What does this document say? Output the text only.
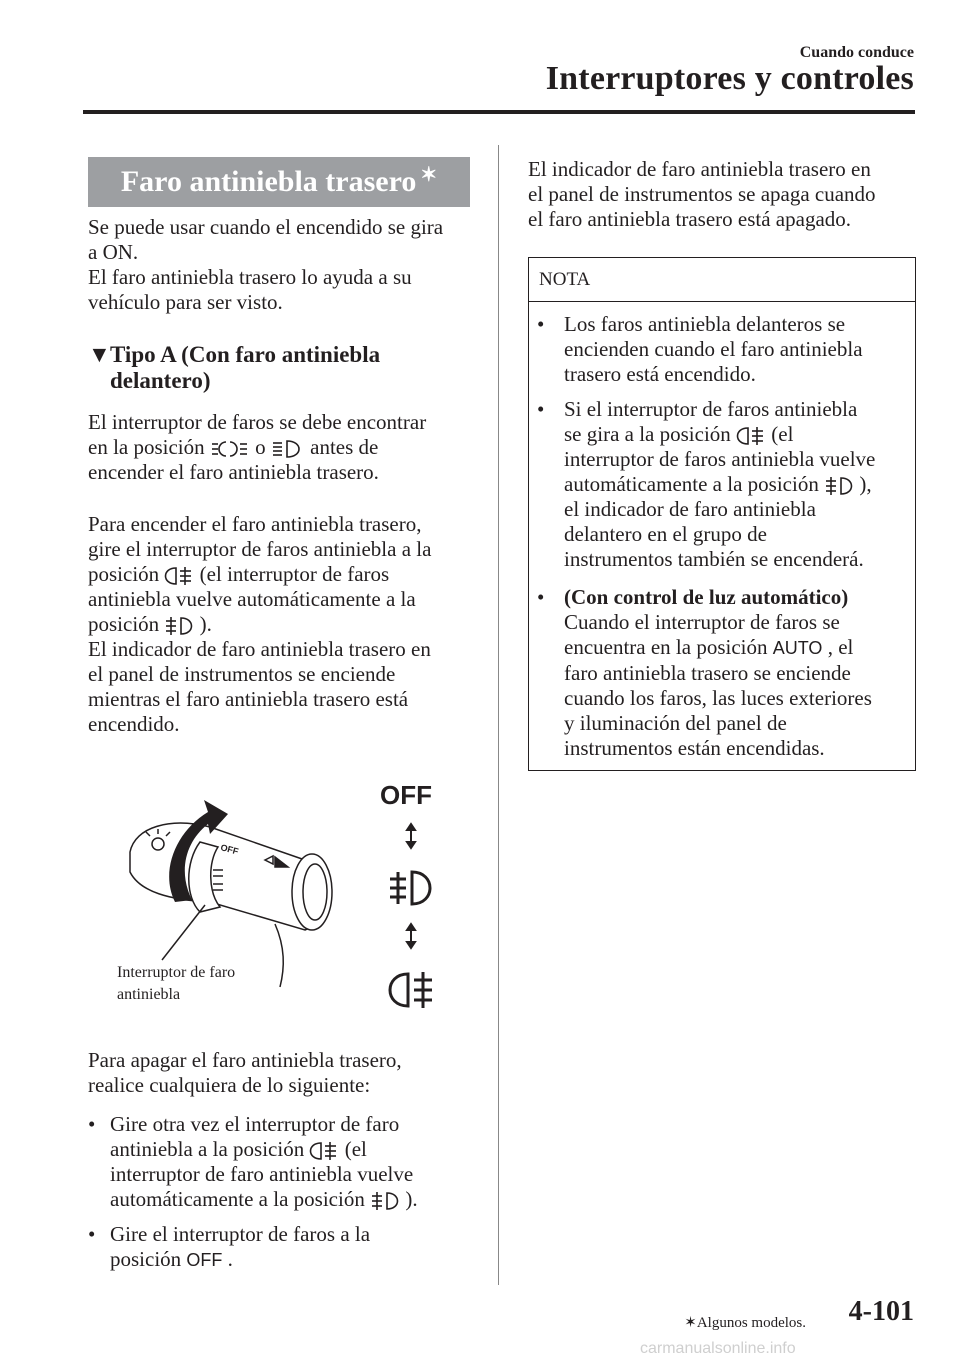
Cuando conduce
Interruptores y controles
Faro antiniebla trasero ✶
Se puede usar cuando el encendido se gira
a ON.
El faro antiniebla trasero lo ayuda a su
vehículo para ser visto.
▼Tipo A (Con faro antiniebla
delantero)
El interruptor de faros se debe encontrar
en la posición o antes de
encender el faro antiniebla trasero.
Para encender el faro antiniebla trasero,
gire el interruptor de faros antiniebla a la
posición (el interruptor de faros
antiniebla vuelve automáticamente a la
posición ).
El indicador de faro antiniebla trasero en
el panel de instrumentos se enciende
mientras el faro antiniebla trasero está
encendido.
OFF
OFF
Interruptor de faro
antiniebla
Para apagar el faro antiniebla trasero,
realice cualquiera de lo siguiente:
• Gire otra vez el interruptor de faro
antiniebla a la posición (el
interruptor de faro antiniebla vuelve
automáticamente a la posición ).
• Gire el interruptor de faros a la
posición OFF .
El indicador de faro antiniebla trasero en
el panel de instrumentos se apaga cuando
el faro antiniebla trasero está apagado.
NOTA
• Los faros antiniebla delanteros se
encienden cuando el faro antiniebla
trasero está encendido.
• Si el interruptor de faros antiniebla
se gira a la posición (el
interruptor de faros antiniebla vuelve
automáticamente a la posición ),
el indicador de faro antiniebla
delantero en el grupo de
instrumentos también se encenderá.
• (Con control de luz automático)
Cuando el interruptor de faros se
encuentra en la posición AUTO , el
faro antiniebla trasero se enciende
cuando los faros, las luces exteriores
y iluminación del panel de
instrumentos están encendidas.
✶Algunos modelos. 4-101
carmanualsonline.info
